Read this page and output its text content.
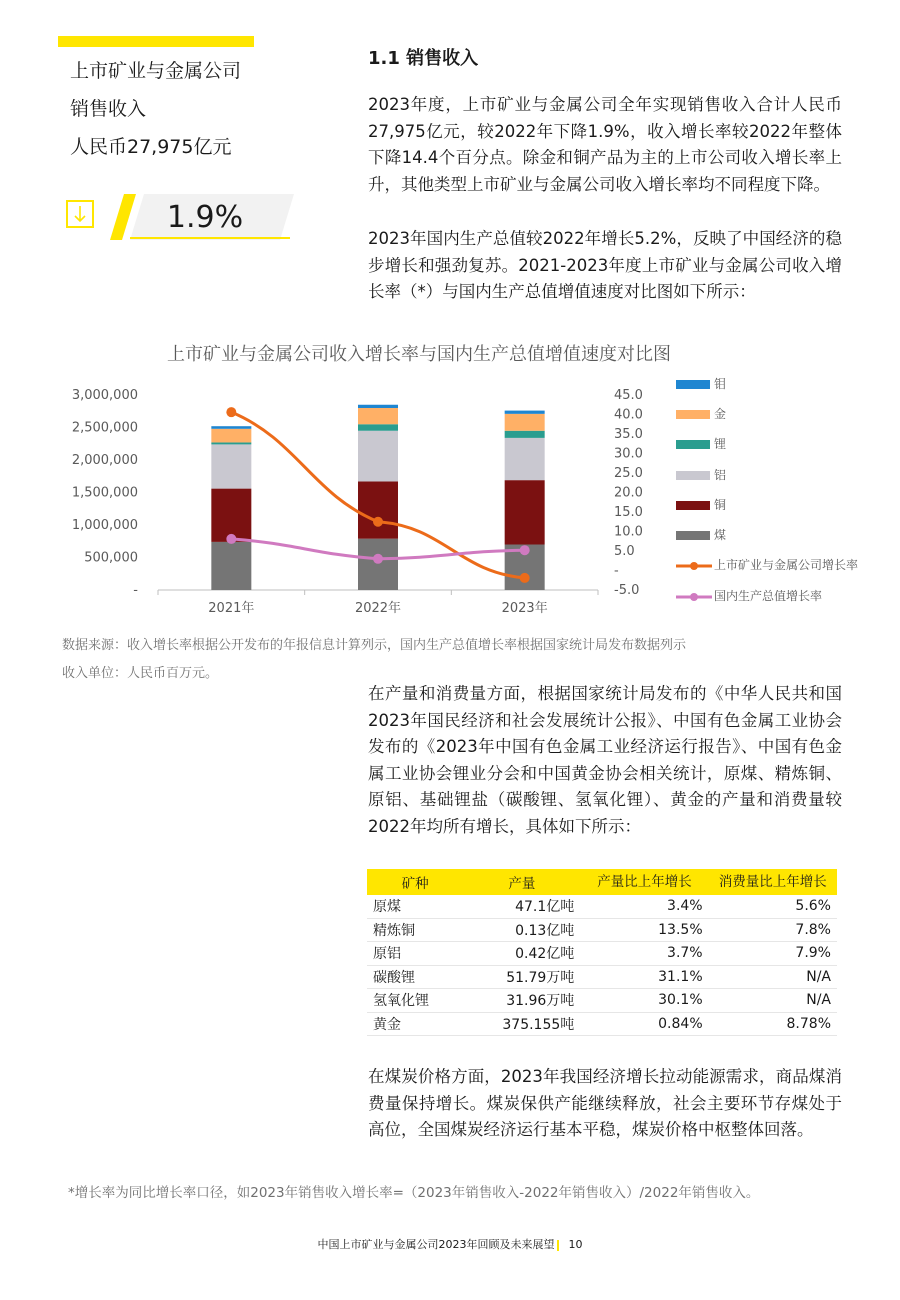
上市矿业与金属公司
销售收入
人民币27,975亿元
1.9%
1.1 销售收入
2023年度，上市矿业与金属公司全年实现销售收入合计人民币27,975亿元，较2022年下降1.9%，收入增长率较2022年整体下降14.4个百分点。除金和铜产品为主的上市公司收入增长率上升，其他类型上市矿业与金属公司收入增长率均不同程度下降。
2023年国内生产总值较2022年增长5.2%，反映了中国经济的稳步增长和强劲复苏。2021-2023年度上市矿业与金属公司收入增长率（*）与国内生产总值增值速度对比图如下所示：
上市矿业与金属公司收入增长率与国内生产总值增值速度对比图
3,000,000
2,500,000
2,000,000
1,500,000
1,000,000
500,000
-
45.0
40.0
35.0
30.0
25.0
20.0
15.0
10.0
5.0
-
-5.0
2021年	2022年	2023年
钼
金
锂
铝
铜
煤
上市矿业与金属公司增长率
国内生产总值增长率
数据来源：收入增长率根据公开发布的年报信息计算列示，国内生产总值增长率根据国家统计局发布数据列示
收入单位：人民币百万元。
在产量和消费量方面，根据国家统计局发布的《中华人民共和国2023年国民经济和社会发展统计公报》、中国有色金属工业协会发布的《2023年中国有色金属工业经济运行报告》、中国有色金属工业协会锂业分会和中国黄金协会相关统计，原煤、精炼铜、原铝、基础锂盐（碳酸锂、氢氧化锂）、黄金的产量和消费量较2022年均所有增长，具体如下所示：
矿种	产量	产量比上年增长	消费量比上年增长
原煤	47.1亿吨	3.4%	5.6%
精炼铜	0.13亿吨	13.5%	7.8%
原铝	0.42亿吨	3.7%	7.9%
碳酸锂	51.79万吨	31.1%	N/A
氢氧化锂	31.96万吨	30.1%	N/A
黄金	375.155吨	0.84%	8.78%
在煤炭价格方面，2023年我国经济增长拉动能源需求，商品煤消费量保持增长。煤炭保供产能继续释放，社会主要环节存煤处于高位，全国煤炭经济运行基本平稳，煤炭价格中枢整体回落。
*增长率为同比增长率口径，如2023年销售收入增长率=（2023年销售收入-2022年销售收入）/2022年销售收入。
中国上市矿业与金属公司2023年回顾及未来展望 10
